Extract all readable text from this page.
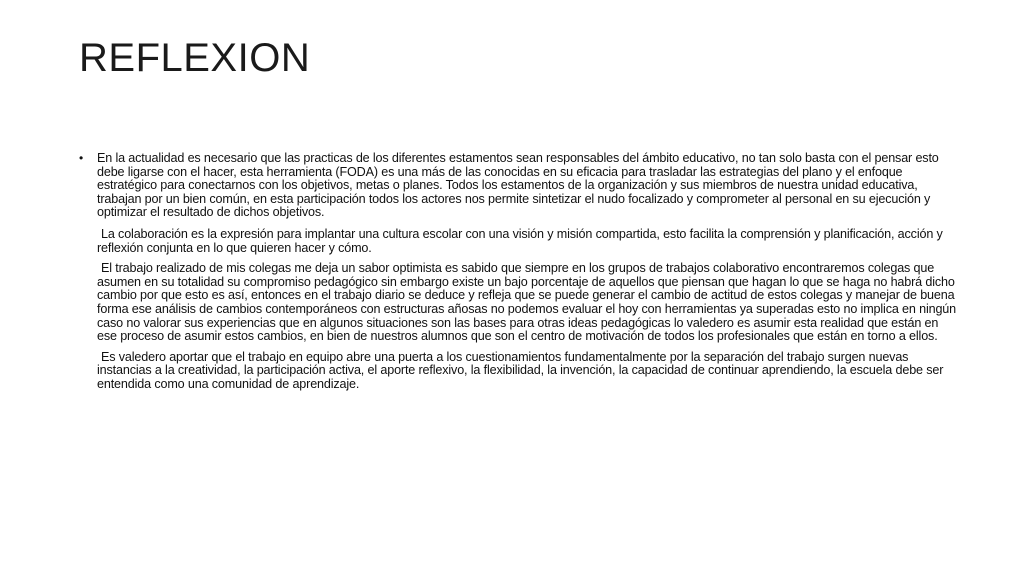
REFLEXION
• En la actualidad es necesario que las practicas de los diferentes estamentos sean responsables del ámbito educativo, no tan solo basta con el pensar esto debe ligarse con el hacer, esta herramienta (FODA) es una más de las conocidas en su eficacia para trasladar las estrategias del plano y el enfoque estratégico para conectarnos con los objetivos, metas o planes. Todos los estamentos de la organización y sus miembros de nuestra unidad educativa, trabajan por un bien común, en esta participación todos los actores nos permite sintetizar el nudo focalizado y comprometer al personal en su ejecución y optimizar el resultado de dichos objetivos.

La colaboración es la expresión para implantar una cultura escolar con una visión y misión compartida, esto facilita la comprensión y planificación, acción y reflexión conjunta en lo que quieren hacer y cómo.

El trabajo realizado de mis colegas me deja un sabor optimista es sabido que siempre en los grupos de trabajos colaborativo encontraremos colegas que asumen en su totalidad su compromiso pedagógico sin embargo existe un bajo porcentaje de aquellos que piensan que hagan lo que se haga no habrá dicho cambio por que esto es así, entonces en el trabajo diario se deduce y refleja que se puede generar el cambio de actitud de estos colegas y manejar de buena forma ese análisis de cambios contemporáneos con estructuras añosas no podemos evaluar el hoy con herramientas ya superadas esto no implica en ningún caso no valorar sus experiencias que en algunos situaciones son las bases para otras ideas pedagógicas lo valedero es asumir esta realidad que están en ese proceso de asumir estos cambios, en bien de nuestros alumnos que son el centro de motivación de todos los profesionales que están en torno a ellos.

Es valedero aportar que el trabajo en equipo abre una puerta a los cuestionamientos fundamentalmente por la separación del trabajo surgen nuevas instancias a la creatividad, la participación activa, el aporte reflexivo, la flexibilidad, la invención, la capacidad de continuar aprendiendo, la escuela debe ser entendida como una comunidad de aprendizaje.
